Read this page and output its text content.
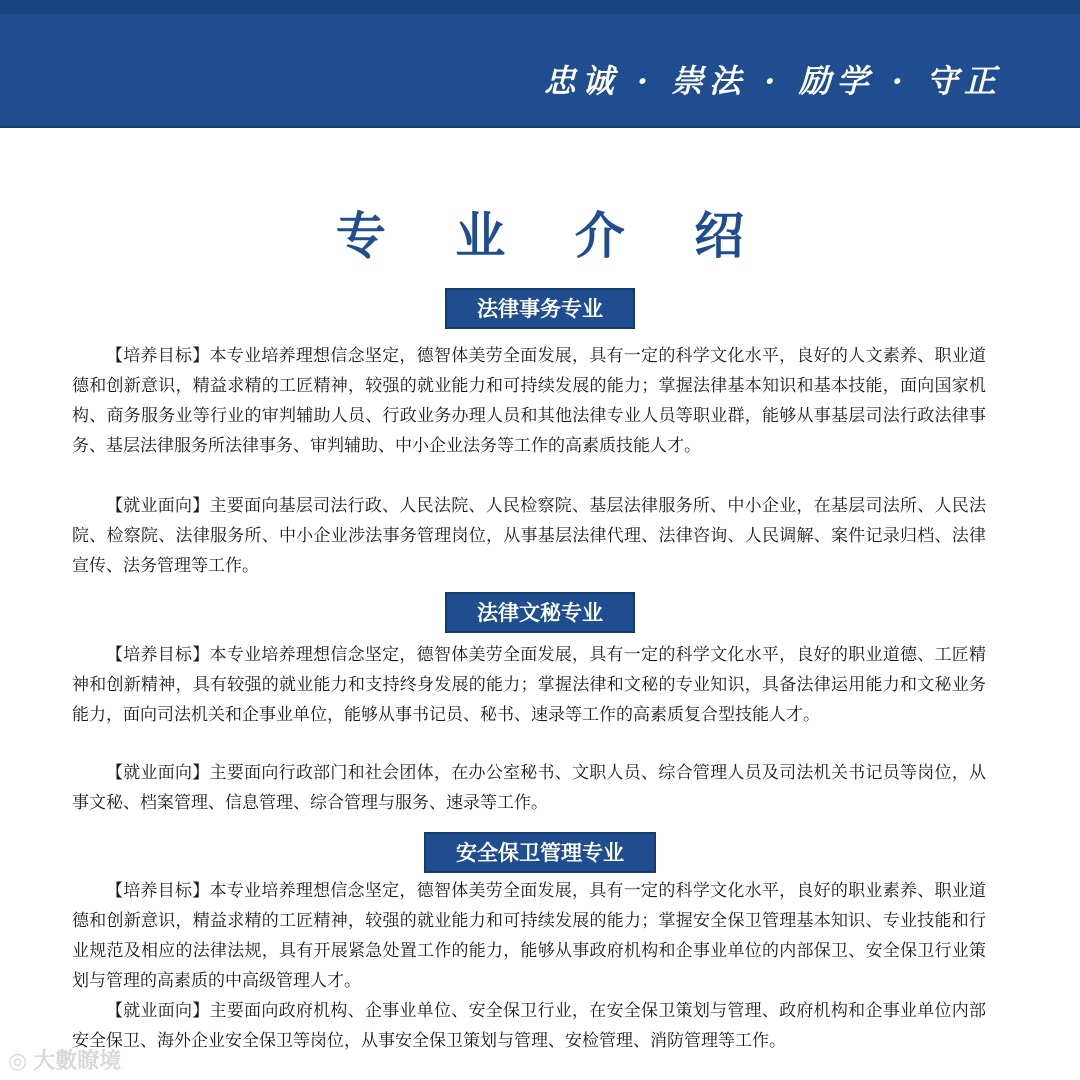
忠诚 · 崇法 · 励学 · 守正
专 业 介 绍
法律事务专业

【培养目标】本专业培养理想信念坚定，德智体美劳全面发展，具有一定的科学文化水平，良好的人文素养、职业道德和创新意识，精益求精的工匠精神，较强的就业能力和可持续发展的能力；掌握法律基本知识和基本技能，面向国家机构、商务服务业等行业的审判辅助人员、行政业务办理人员和其他法律专业人员等职业群，能够从事基层司法行政法律事务、基层法律服务所法律事务、审判辅助、中小企业法务等工作的高素质技能人才。

【就业面向】主要面向基层司法行政、人民法院、人民检察院、基层法律服务所、中小企业，在基层司法所、人民法院、检察院、法律服务所、中小企业涉法事务管理岗位，从事基层法律代理、法律咨询、人民调解、案件记录归档、法律宣传、法务管理等工作。

法律文秘专业

【培养目标】本专业培养理想信念坚定，德智体美劳全面发展，具有一定的科学文化水平，良好的职业道德、工匠精神和创新精神，具有较强的就业能力和支持终身发展的能力；掌握法律和文秘的专业知识，具备法律运用能力和文秘业务能力，面向司法机关和企事业单位，能够从事书记员、秘书、速录等工作的高素质复合型技能人才。

【就业面向】主要面向行政部门和社会团体，在办公室秘书、文职人员、综合管理人员及司法机关书记员等岗位，从事文秘、档案管理、信息管理、综合管理与服务、速录等工作。

安全保卫管理专业

【培养目标】本专业培养理想信念坚定，德智体美劳全面发展，具有一定的科学文化水平，良好的职业素养、职业道德和创新意识，精益求精的工匠精神，较强的就业能力和可持续发展的能力；掌握安全保卫管理基本知识、专业技能和行业规范及相应的法律法规，具有开展紧急处置工作的能力，能够从事政府机构和企事业单位的内部保卫、安全保卫行业策划与管理的高素质的中高级管理人才。

【就业面向】主要面向政府机构、企事业单位、安全保卫行业，在安全保卫策划与管理、政府机构和企事业单位内部安全保卫、海外企业安全保卫等岗位，从事安全保卫策划与管理、安检管理、消防管理等工作。

◎ 大數瞭境
